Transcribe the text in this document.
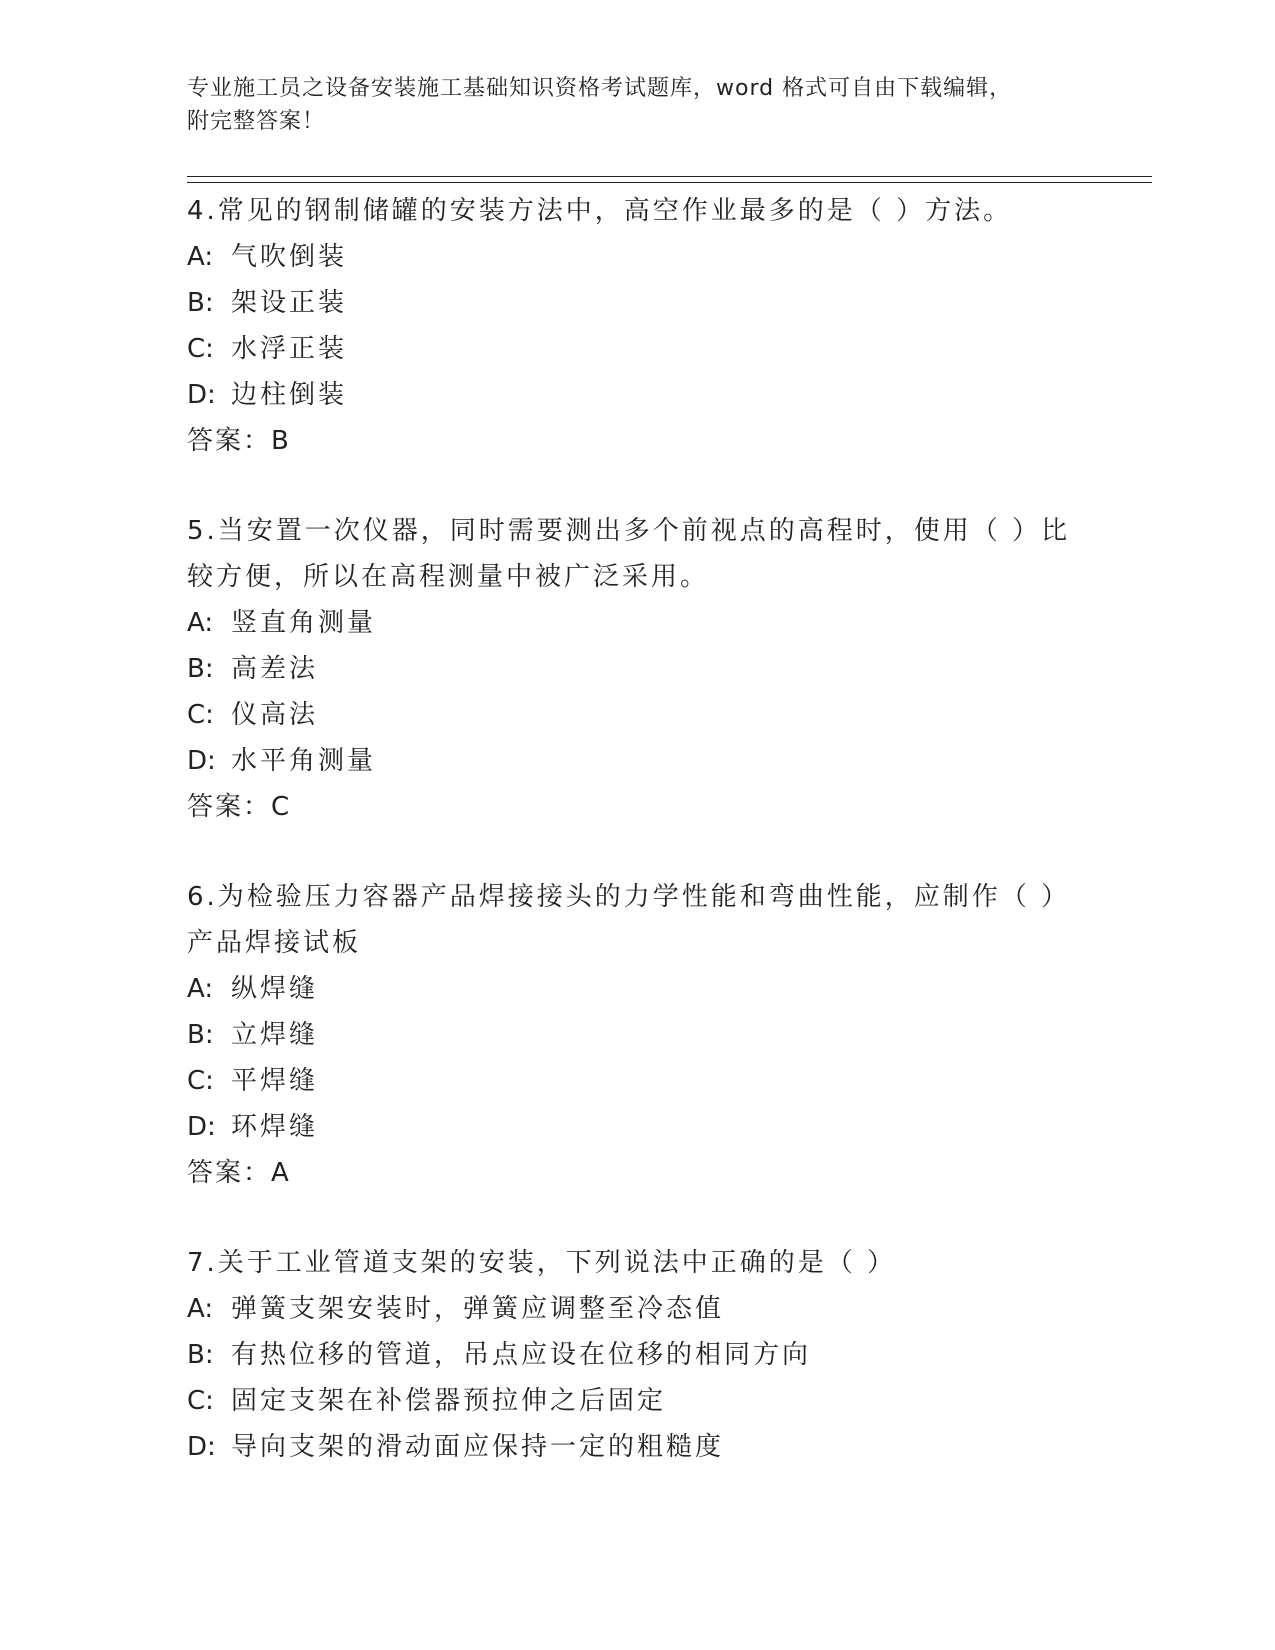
专业施工员之设备安装施工基础知识资格考试题库，word 格式可自由下载编辑，
附完整答案！
4.常见的钢制储罐的安装方法中，高空作业最多的是（ ）方法。
A: 气吹倒装
B: 架设正装
C: 水浮正装
D: 边柱倒装
答案：B
5.当安置一次仪器，同时需要测出多个前视点的高程时，使用（ ）比较方便，所以在高程测量中被广泛采用。
A: 竖直角测量
B: 高差法
C: 仪高法
D: 水平角测量
答案：C
6.为检验压力容器产品焊接接头的力学性能和弯曲性能，应制作（ ）产品焊接试板
A: 纵焊缝
B: 立焊缝
C: 平焊缝
D: 环焊缝
答案：A
7.关于工业管道支架的安装，下列说法中正确的是（ ）
A: 弹簧支架安装时，弹簧应调整至冷态值
B: 有热位移的管道，吊点应设在位移的相同方向
C: 固定支架在补偿器预拉伸之后固定
D: 导向支架的滑动面应保持一定的粗糙度
